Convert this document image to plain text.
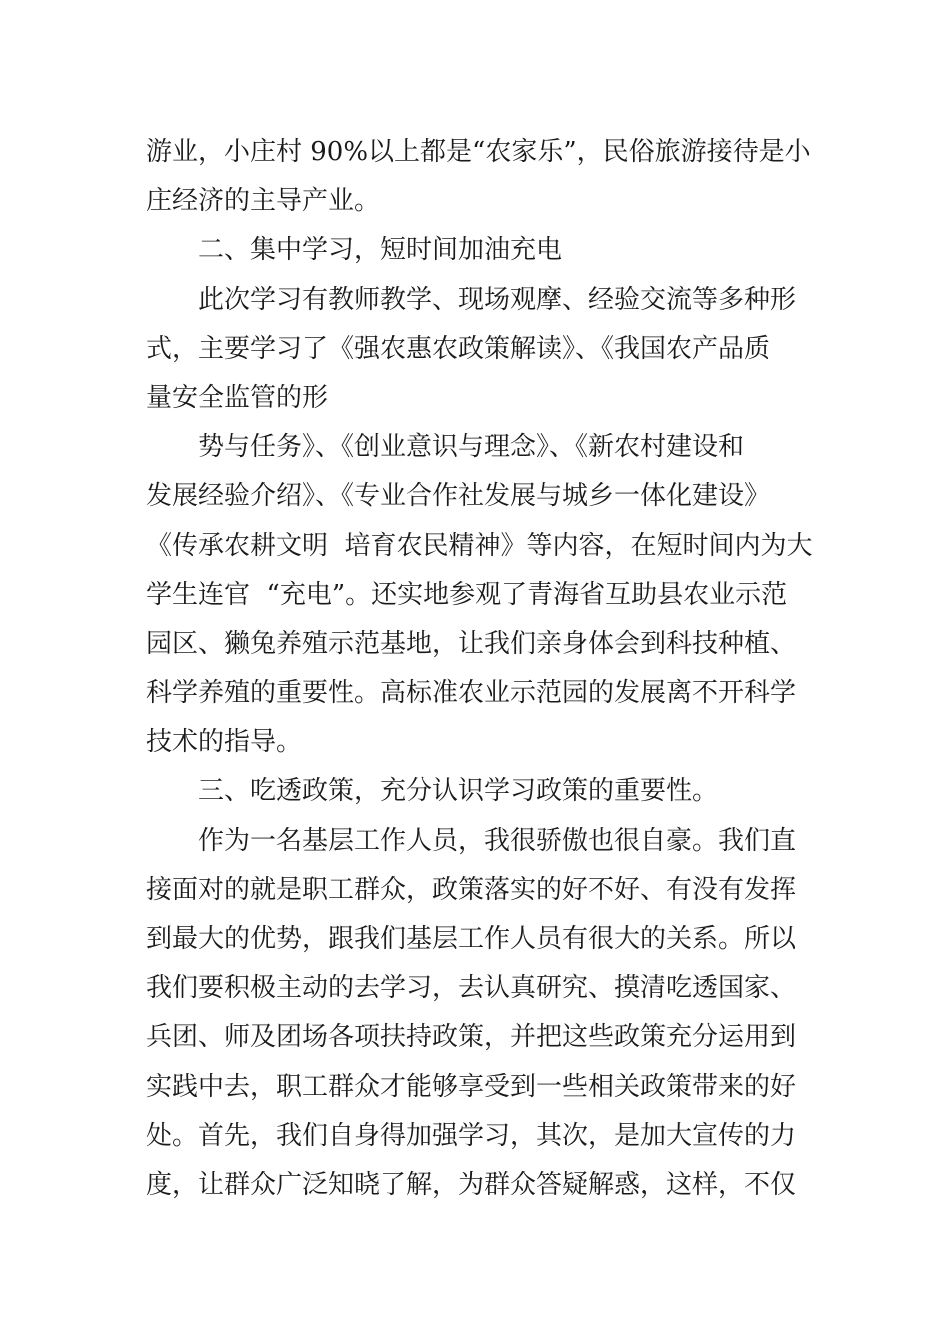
游业，小庄村 90%以上都是“农家乐”，民俗旅游接待是小
庄经济的主导产业。
二、集中学习，短时间加油充电
此次学习有教师教学、现场观摩、经验交流等多种形
式，主要学习了《强农惠农政策解读》、《我国农产品质
量安全监管的形
势与任务》、《创业意识与理念》、《新农村建设和
发展经验介绍》、《专业合作社发展与城乡一体化建设》
《传承农耕文明  培育农民精神》等内容，在短时间内为大
学生连官  “充电”。还实地参观了青海省互助县农业示范
园区、獭兔养殖示范基地，让我们亲身体会到科技种植、
科学养殖的重要性。高标准农业示范园的发展离不开科学
技术的指导。
三、吃透政策，充分认识学习政策的重要性。
作为一名基层工作人员，我很骄傲也很自豪。我们直
接面对的就是职工群众，政策落实的好不好、有没有发挥
到最大的优势，跟我们基层工作人员有很大的关系。所以
我们要积极主动的去学习，去认真研究、摸清吃透国家、
兵团、师及团场各项扶持政策，并把这些政策充分运用到
实践中去，职工群众才能够享受到一些相关政策带来的好
处。首先，我们自身得加强学习，其次，是加大宣传的力
度，让群众广泛知晓了解，为群众答疑解惑，这样，不仅
